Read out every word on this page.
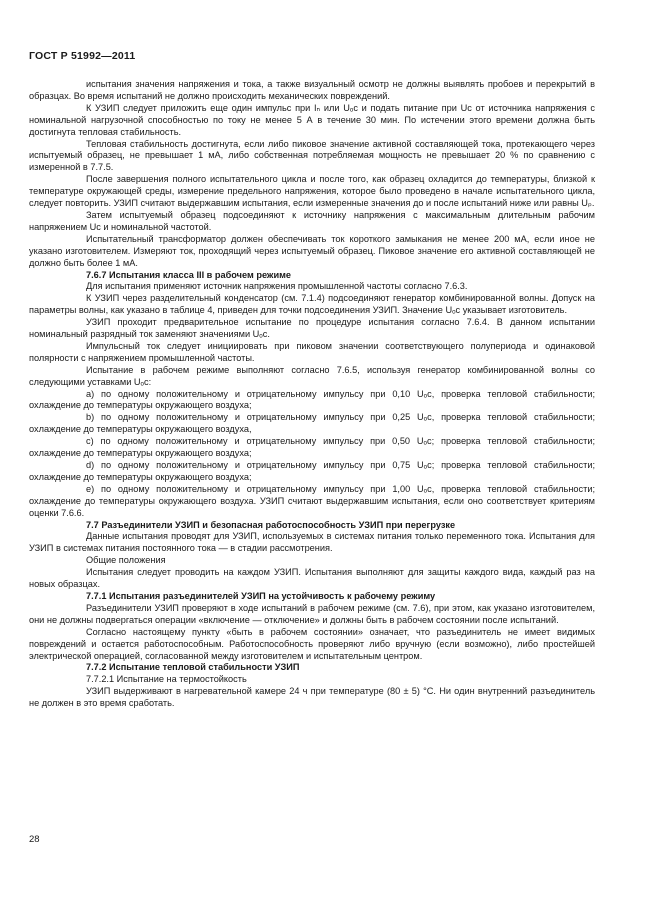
ГОСТ Р 51992—2011

испытания значения напряжения и тока, а также визуальный осмотр не должны выявлять пробоев и перекрытий в образцах. Во время испытаний не должно происходить механических повреждений.

К УЗИП следует приложить еще один импульс при Iₙ или Uₒc и подать питание при Uc от источника напряжения с номинальной нагрузочной способностью по току не менее 5 А в течение 30 мин. По истечении этого времени должна быть достигнута тепловая стабильность.

Тепловая стабильность достигнута, если либо пиковое значение активной составляющей тока, протекающего через испытуемый образец, не превышает 1 мА, либо собственная потребляемая мощность не превышает 20 % по сравнению с измеренной в 7.7.5.

После завершения полного испытательного цикла и после того, как образец охладится до температуры, близкой к температуре окружающей среды, измерение предельного напряжения, которое было проведено в начале испытательного цикла, следует повторить. УЗИП считают выдержавшим испытания, если измеренные значения до и после испытаний ниже или равны Uₚ.

Затем испытуемый образец подсоединяют к источнику напряжения с максимальным длительным рабочим напряжением Uc и номинальной частотой.

Испытательный трансформатор должен обеспечивать ток короткого замыкания не менее 200 мА, если иное не указано изготовителем. Измеряют ток, проходящий через испытуемый образец. Пиковое значение его активной составляющей не должно быть более 1 мА.

7.6.7 Испытания класса III в рабочем режиме

Для испытания применяют источник напряжения промышленной частоты согласно 7.6.3.

К УЗИП через разделительный конденсатор (см. 7.1.4) подсоединяют генератор комбинированной волны. Допуск на параметры волны, как указано в таблице 4, приведен для точки подсоединения УЗИП. Значение Uₒc указывает изготовитель.

УЗИП проходит предварительное испытание по процедуре испытания согласно 7.6.4. В данном испытании номинальный разрядный ток заменяют значениями Uₒc.

Импульсный ток следует инициировать при пиковом значении соответствующего полупериода и одинаковой полярности с напряжением промышленной частоты.

Испытание в рабочем режиме выполняют согласно 7.6.5, используя генератор комбинированной волны со следующими уставками Uₒc:

a) по одному положительному и отрицательному импульсу при 0,10 Uₒc, проверка тепловой стабильности; охлаждение до температуры окружающего воздуха;

b) по одному положительному и отрицательному импульсу при 0,25 Uₒc, проверка тепловой стабильности; охлаждение до температуры окружающего воздуха,

c) по одному положительному и отрицательному импульсу при 0,50 Uₒc; проверка тепловой стабильности; охлаждение до температуры окружающего воздуха;

d) по одному положительному и отрицательному импульсу при 0,75 Uₒc; проверка тепловой стабильности; охлаждение до температуры окружающего воздуха;

e) по одному положительному и отрицательному импульсу при 1,00 Uₒc, проверка тепловой стабильности; охлаждение до температуры окружающего воздуха. УЗИП считают выдержавшим испытания, если оно соответствует критериям оценки 7.6.6.

7.7 Разъединители УЗИП и безопасная работоспособность УЗИП при перегрузке

Данные испытания проводят для УЗИП, используемых в системах питания только переменного тока. Испытания для УЗИП в системах питания постоянного тока — в стадии рассмотрения.

Общие положения

Испытания следует проводить на каждом УЗИП. Испытания выполняют для защиты каждого вида, каждый раз на новых образцах.

7.7.1 Испытания разъединителей УЗИП на устойчивость к рабочему режиму

Разъединители УЗИП проверяют в ходе испытаний в рабочем режиме (см. 7.6), при этом, как указано изготовителем, они не должны подвергаться операции «включение — отключение» и должны быть в рабочем состоянии после испытаний.

Согласно настоящему пункту «быть в рабочем состоянии» означает, что разъединитель не имеет видимых повреждений и остается работоспособным. Работоспособность проверяют либо вручную (если возможно), либо простейшей электрической операцией, согласованной между изготовителем и испытательным центром.

7.7.2 Испытание тепловой стабильности УЗИП

7.7.2.1 Испытание на термостойкость

УЗИП выдерживают в нагревательной камере 24 ч при температуре (80 ± 5) °С. Ни один внутренний разъединитель не должен в это время сработать.

28
